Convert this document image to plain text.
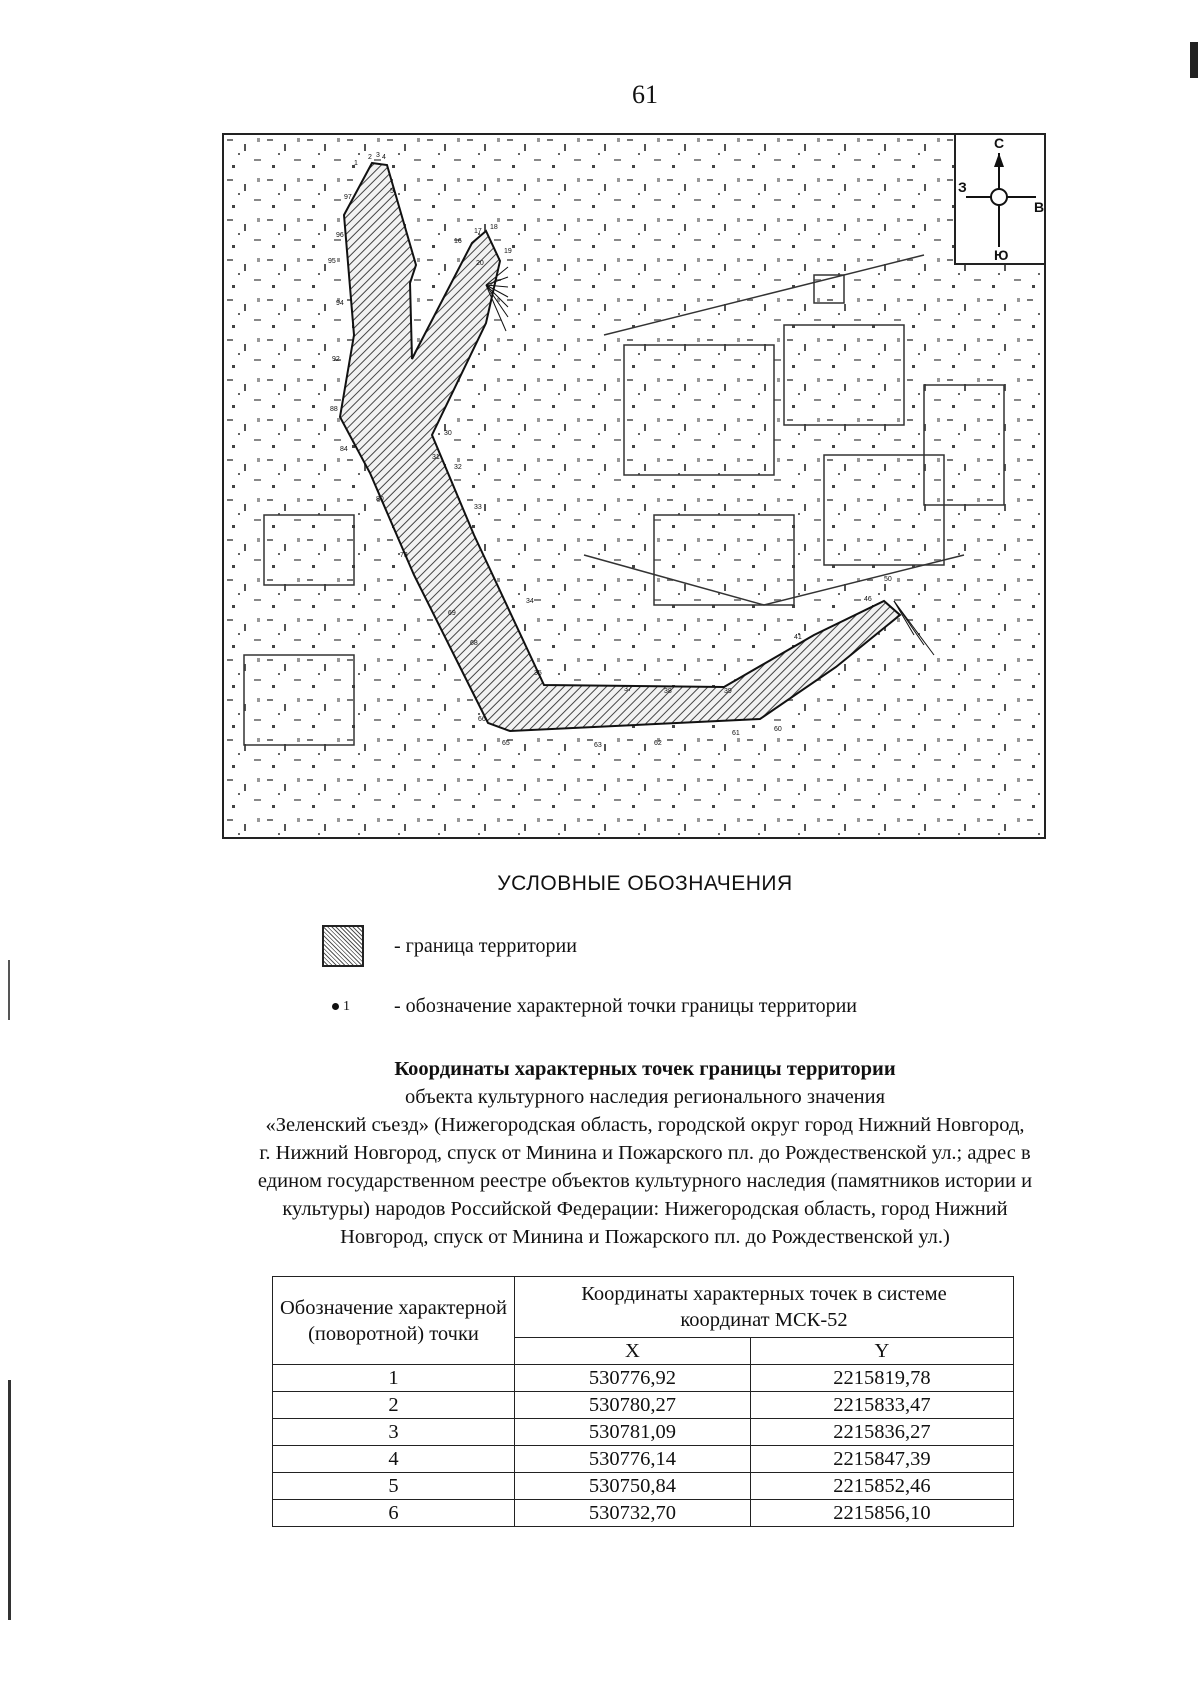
61
1
2 3 4
5
17
18
16
19
20
30
31
32
33
34
35
37	38	39
41
46
50
60
61
62
63
65
66
68
69
73
80
84
88
92
94
95
96
97
С
Ю
В
З
УСЛОВНЫЕ ОБОЗНАЧЕНИЯ
- граница территории
1	- обозначение характерной точки границы территории
Координаты характерных точек границы территории
объекта культурного наследия регионального значения
«Зеленский съезд» (Нижегородская область, городской округ город Нижний Новгород,
г. Нижний Новгород, спуск от Минина и Пожарского пл. до Рождественской ул.; адрес в
едином государственном реестре объектов культурного наследия (памятников истории и
культуры) народов Российской Федерации: Нижегородская область, город Нижний
Новгород, спуск от Минина и Пожарского пл. до Рождественской ул.)
Обозначение характерной (поворотной) точки	Координаты характерных точек в системе координат МСК-52	
	X	Y
1	530776,92	2215819,78
2	530780,27	2215833,47
3	530781,09	2215836,27
4	530776,14	2215847,39
5	530750,84	2215852,46
6	530732,70	2215856,10
